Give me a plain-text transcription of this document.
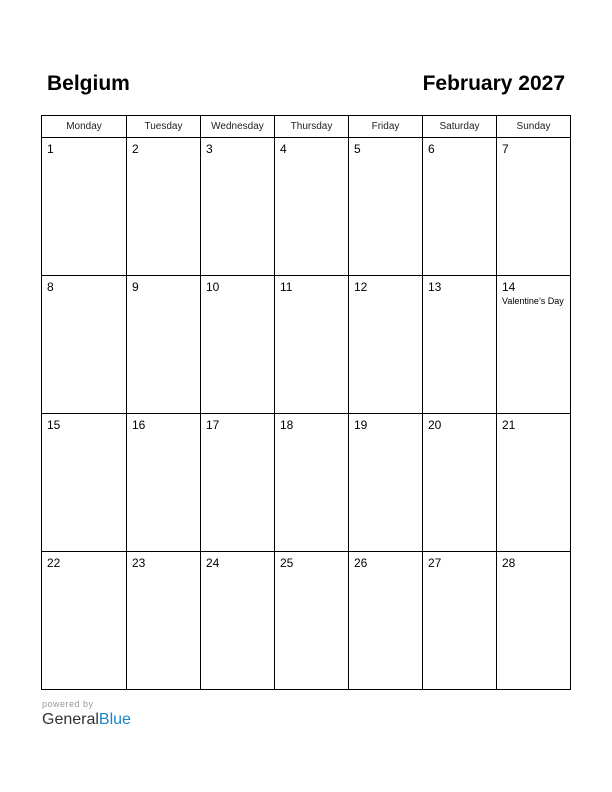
Belgium	February 2027
Monday	Tuesday	Wednesday	Thursday	Friday	Saturday	Sunday

1	2	3	4	5	6	7

8	9	10	11	12	13	14
Valentine’s Day

15	16	17	18	19	20	21

22	23	24	25	26	27	28
powered by
GeneralBlue
